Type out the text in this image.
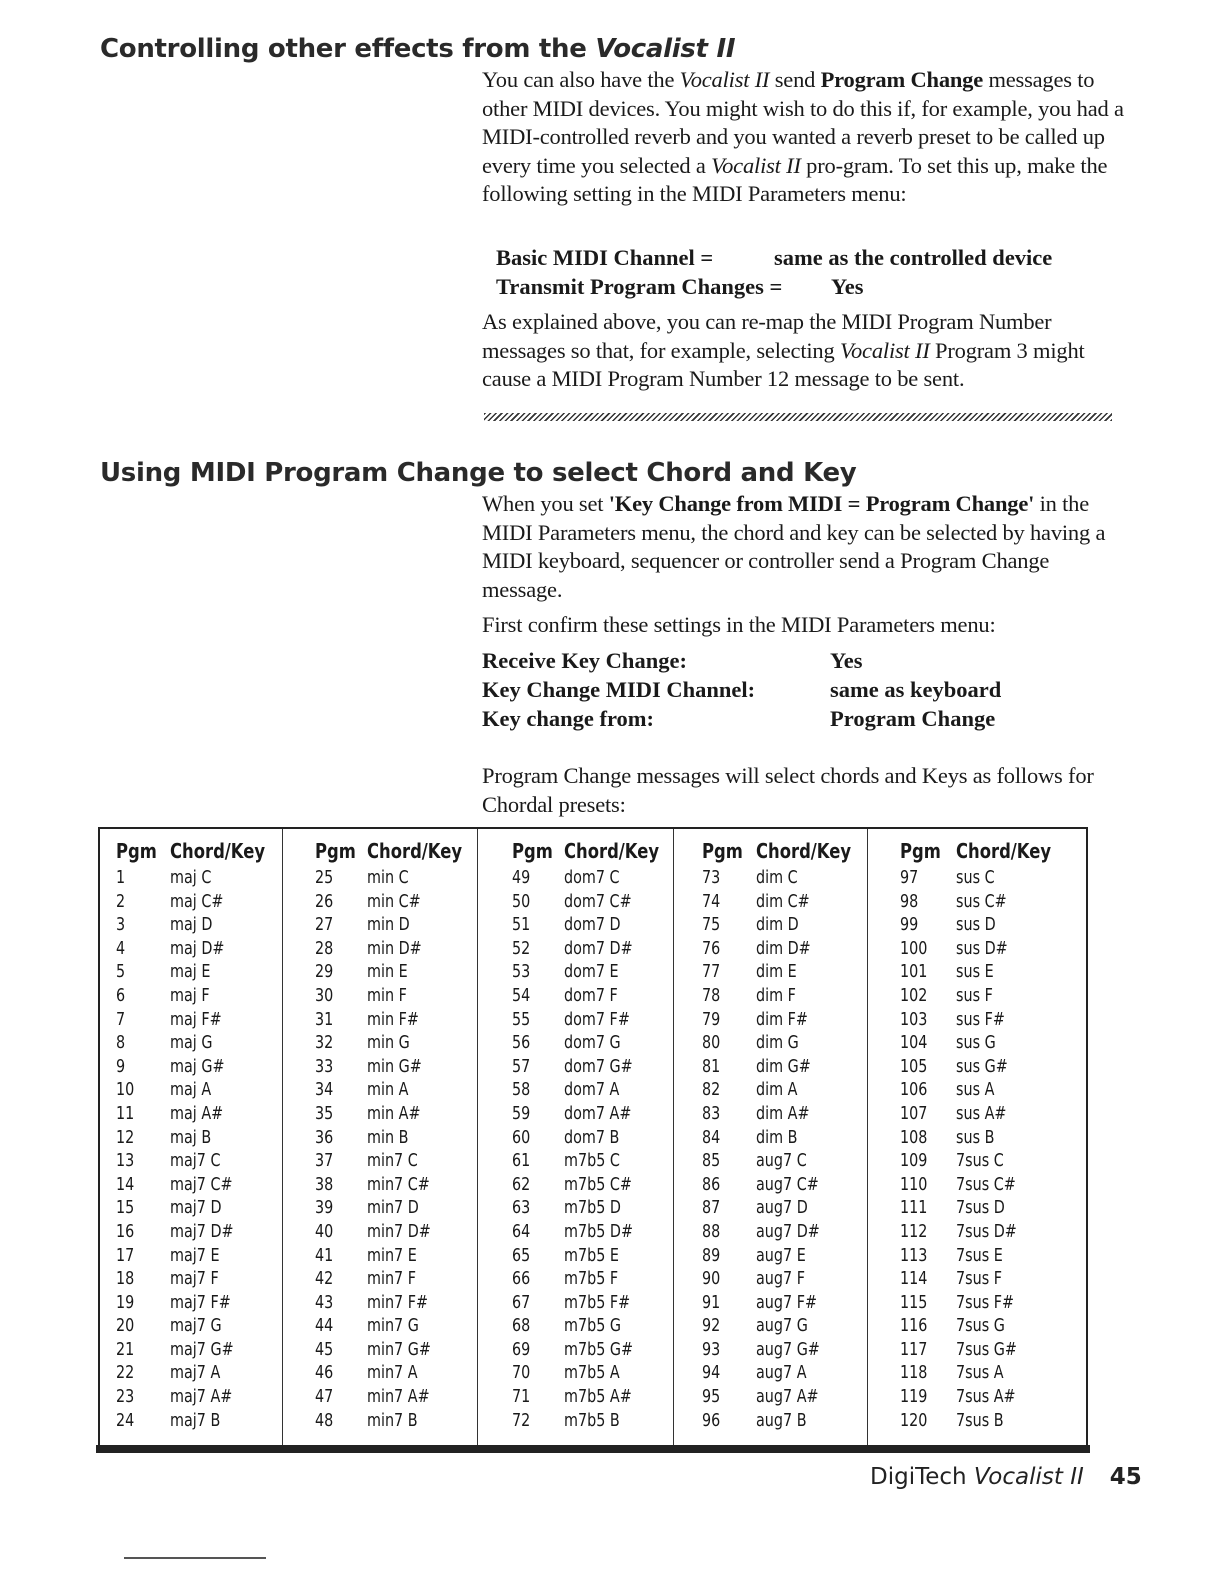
Controlling other effects from the Vocalist II

You can also have the Vocalist II send Program Change messages to other MIDI devices. You might wish to do this if, for example, you had a MIDI-controlled reverb and you wanted a reverb preset to be called up every time you selected a Vocalist II pro-gram. To set this up, make the following setting in the MIDI Parameters menu:

Basic MIDI Channel =	same as the controlled device
Transmit Program Changes = Yes

As explained above, you can re-map the MIDI Program Number messages so that, for example, selecting Vocalist II Program 3 might cause a MIDI Program Number 12 message to be sent.

Using MIDI Program Change to select Chord and Key

When you set 'Key Change from MIDI = Program Change' in the MIDI Parameters menu, the chord and key can be selected by having a MIDI keyboard, sequencer or controller send a Program Change message.

First confirm these settings in the MIDI Parameters menu:

Receive Key Change:	Yes
Key Change MIDI Channel:	same as keyboard
Key change from:	Program Change

Program Change messages will select chords and Keys as follows for Chordal presets:

Pgm Chord/Key
1	maj C
2	maj C#
3	maj D
4	maj D#
5	maj E
6	maj F
7	maj F#
8	maj G
9	maj G#
10 maj A
11 maj A#
12 maj B
13 maj7 C
14 maj7 C#
15 maj7 D
16 maj7 D#
17 maj7 E
18 maj7 F
19 maj7 F#
20 maj7 G
21 maj7 G#
22 maj7 A
23 maj7 A#
24 maj7 B
Pgm Chord/Key
25 min C
26 min C#
27 min D
28 min D#
29 min E
30 min F
31 min F#
32 min G
33 min G#
34 min A
35 min A#
36 min B
37 min7 C
38 min7 C#
39 min7 D
40 min7 D#
41 min7 E
42 min7 F
43 min7 F#
44 min7 G
45 min7 G#
46 min7 A
47 min7 A#
48 min7 B
Pgm Chord/Key
49 dom7 C
50 dom7 C#
51 dom7 D
52 dom7 D#
53 dom7 E
54 dom7 F
55 dom7 F#
56 dom7 G
57 dom7 G#
58 dom7 A
59 dom7 A#
60 dom7 B
61 m7b5 C
62 m7b5 C#
63 m7b5 D
64 m7b5 D#
65 m7b5 E
66 m7b5 F
67 m7b5 F#
68 m7b5 G
69 m7b5 G#
70 m7b5 A
71 m7b5 A#
72 m7b5 B
Pgm Chord/Key
73 dim C
74 dim C#
75 dim D
76 dim D#
77 dim E
78 dim F
79 dim F#
80 dim G
81 dim G#
82 dim A
83 dim A#
84 dim B
85 aug7 C
86 aug7 C#
87 aug7 D
88 aug7 D#
89 aug7 E
90 aug7 F
91 aug7 F#
92 aug7 G
93 aug7 G#
94 aug7 A
95 aug7 A#
96 aug7 B
Pgm Chord/Key
97 sus C
98 sus C#
99 sus D
100 sus D#
101 sus E
102 sus F
103 sus F#
104 sus G
105 sus G#
106 sus A
107 sus A#
108 sus B
109 7sus C
110 7sus C#
111 7sus D
112 7sus D#
113 7sus E
114 7sus F
115 7sus F#
116 7sus G
117 7sus G#
118 7sus A
119 7sus A#
120 7sus B
DigiTech Vocalist II 45
